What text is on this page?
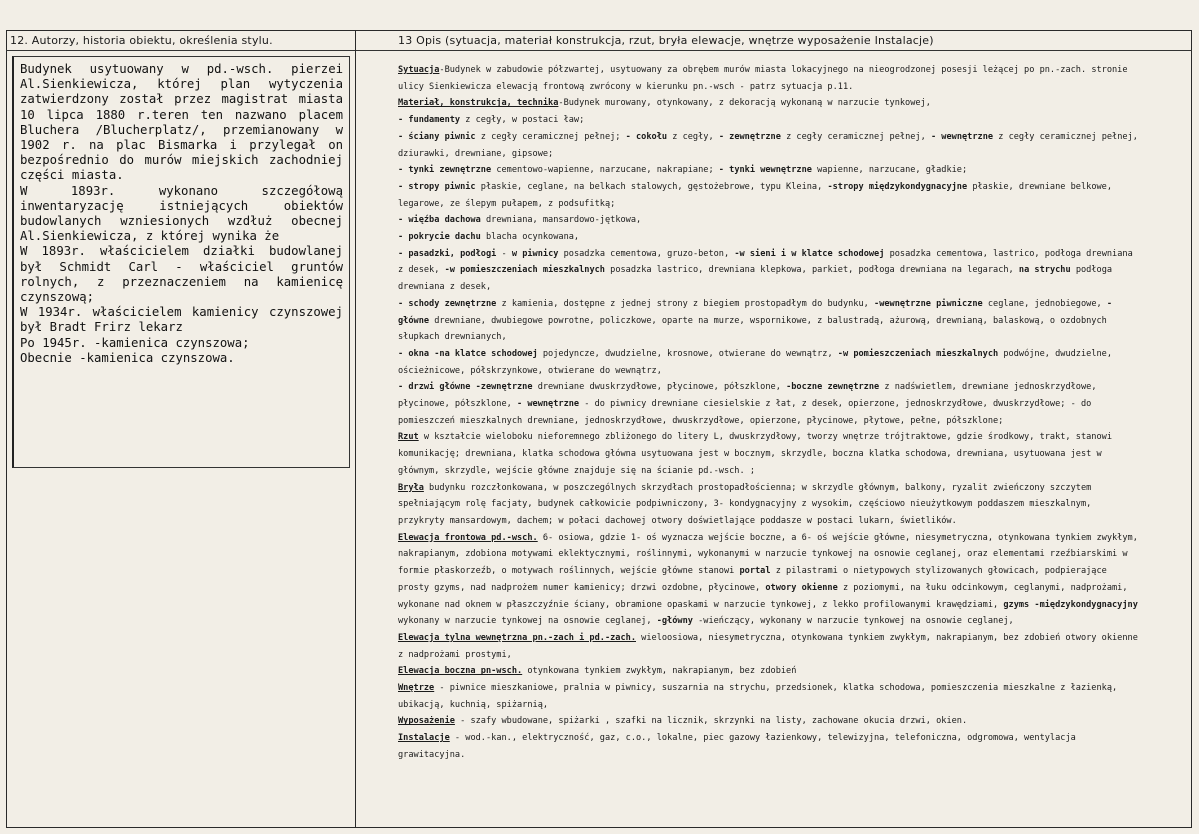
12. Autorzy, historia obiektu, określenia stylu.	13 Opis (sytuacja, materiał konstrukcja, rzut, bryła elewacje, wnętrze wyposażenie Instalacje)

Budynek usytuowany w pd.-wsch. pierzei Al.Sienkiewicza, której plan wytyczenia zatwierdzony został przez magistrat miasta 10 lipca 1880 r.teren ten nazwano placem Bluchera /Blucherplatz/, przemianowany w 1902 r. na plac Bismarka i przylegał on bezpośrednio do murów miejskich zachodniej części miasta.

W 1893r. wykonano szczegółową inwentaryzację istniejących obiektów budowlanych wzniesionych wzdłuż obecnej Al.Sienkiewicza, z której wynika że

W 1893r. właścicielem działki budowlanej był Schmidt Carl - właściciel gruntów rolnych, z przeznaczeniem na kamienicę czynszową;

W 1934r. właścicielem kamienicy czynszowej był Bradt Frirz lekarz

Po 1945r. -kamienica czynszowa;

Obecnie -kamienica czynszowa.

Sytuacja-Budynek w zabudowie półzwartej, usytuowany za obrębem murów miasta lokacyjnego na nieogrodzonej posesji leżącej po pn.-zach. stronie ulicy Sienkiewicza elewacją frontową zwrócony w kierunku pn.-wsch - patrz sytuacja p.11.

Materiał, konstrukcja, technika-Budynek murowany, otynkowany, z dekoracją wykonaną w narzucie tynkowej,

- fundamenty z cegły, w postaci ław;

- ściany piwnic z cegły ceramicznej pełnej; - cokołu z cegły, - zewnętrzne z cegły ceramicznej pełnej, - wewnętrzne z cegły ceramicznej pełnej, dziurawki, drewniane, gipsowe;

- tynki zewnętrzne cementowo-wapienne, narzucane, nakrapiane; - tynki wewnętrzne wapienne, narzucane, gładkie;

- stropy piwnic płaskie, ceglane, na belkach stalowych, gęstożebrowe, typu Kleina, -stropy międzykondygnacyjne płaskie, drewniane belkowe, legarowe, ze ślepym pułapem, z podsufitką;

- więźba dachowa drewniana, mansardowo-jętkowa,

- pokrycie dachu blacha ocynkowana,

- pasadzki, podłogi - w piwnicy posadzka cementowa, gruzo-beton, -w sieni i w klatce schodowej posadzka cementowa, lastrico, podłoga drewniana z desek, -w pomieszczeniach mieszkalnych posadzka lastrico, drewniana klepkowa, parkiet, podłoga drewniana na legarach, na strychu podłoga drewniana z desek,

- schody zewnętrzne z kamienia, dostępne z jednej strony z biegiem prostopadłym do budynku, -wewnętrzne piwniczne ceglane, jednobiegowe, -główne drewniane, dwubiegowe powrotne, policzkowe, oparte na murze, wspornikowe, z balustradą, ażurową, drewnianą, balaskową, o ozdobnych słupkach drewnianych,

- okna -na klatce schodowej pojedyncze, dwudzielne, krosnowe, otwierane do wewnątrz, -w pomieszczeniach mieszkalnych podwójne, dwudzielne, ościeżnicowe, półskrzynkowe, otwierane do wewnątrz,

- drzwi główne -zewnętrzne drewniane dwuskrzydłowe, płycinowe, półszklone, -boczne zewnętrzne z nadświetlem, drewniane jednoskrzydłowe, płycinowe, półszklone, - wewnętrzne - do piwnicy drewniane ciesielskie z łat, z desek, opierzone, jednoskrzydłowe, dwuskrzydłowe; - do pomieszczeń mieszkalnych drewniane, jednoskrzydłowe, dwuskrzydłowe, opierzone, płycinowe, płytowe, pełne, półszklone;

Rzut w kształcie wieloboku nieforemnego zbliżonego do litery L, dwuskrzydłowy, tworzy wnętrze trójtraktowe, gdzie środkowy, trakt, stanowi komunikację; drewniana, klatka schodowa główna usytuowana jest w bocznym, skrzydle, boczna klatka schodowa, drewniana, usytuowana jest w głównym, skrzydle, wejście główne znajduje się na ścianie pd.-wsch. ;

Bryła budynku rozczłonkowana, w poszczególnych skrzydłach prostopadłościenna; w skrzydle głównym, balkony, ryzalit zwieńczony szczytem spełniającym rolę facjaty, budynek całkowicie podpiwniczony, 3- kondygnacyjny z wysokim, częściowo nieużytkowym poddaszem mieszkalnym, przykryty mansardowym, dachem; w połaci dachowej otwory doświetlające poddasze w postaci lukarn, świetlików.

Elewacja frontowa pd.-wsch. 6- osiowa, gdzie 1- oś wyznacza wejście boczne, a 6- oś wejście główne, niesymetryczna, otynkowana tynkiem zwykłym, nakrapianym, zdobiona motywami eklektycznymi, roślinnymi, wykonanymi w narzucie tynkowej na osnowie ceglanej, oraz elementami rzeźbiarskimi w formie płaskorzeźb, o motywach roślinnych, wejście główne stanowi portal z pilastrami o nietypowych stylizowanych głowicach, podpierające prosty gzyms, nad nadprożem numer kamienicy; drzwi ozdobne, płycinowe, otwory okienne z poziomymi, na łuku odcinkowym, ceglanymi, nadprożami, wykonane nad oknem w płaszczyźnie ściany, obramione opaskami w narzucie tynkowej, z lekko profilowanymi krawędziami, gzyms -międzykondygnacyjny wykonany w narzucie tynkowej na osnowie ceglanej, -główny -wieńczący, wykonany w narzucie tynkowej na osnowie ceglanej,

Elewacja tylna wewnętrzna pn.-zach i pd.-zach. wieloosiowa, niesymetryczna, otynkowana tynkiem zwykłym, nakrapianym, bez zdobień otwory okienne z nadprożami prostymi,

Elewacja boczna pn-wsch. otynkowana tynkiem zwykłym, nakrapianym, bez zdobień

Wnętrze - piwnice mieszkaniowe, pralnia w piwnicy, suszarnia na strychu, przedsionek, klatka schodowa, pomieszczenia mieszkalne z łazienką, ubikacją, kuchnią, spiżarnią,

Wyposażenie - szafy wbudowane, spiżarki , szafki na licznik, skrzynki na listy, zachowane okucia drzwi, okien.

Instalacje - wod.-kan., elektryczność, gaz, c.o., lokalne, piec gazowy łazienkowy, telewizyjna, telefoniczna, odgromowa, wentylacja grawitacyjna.
